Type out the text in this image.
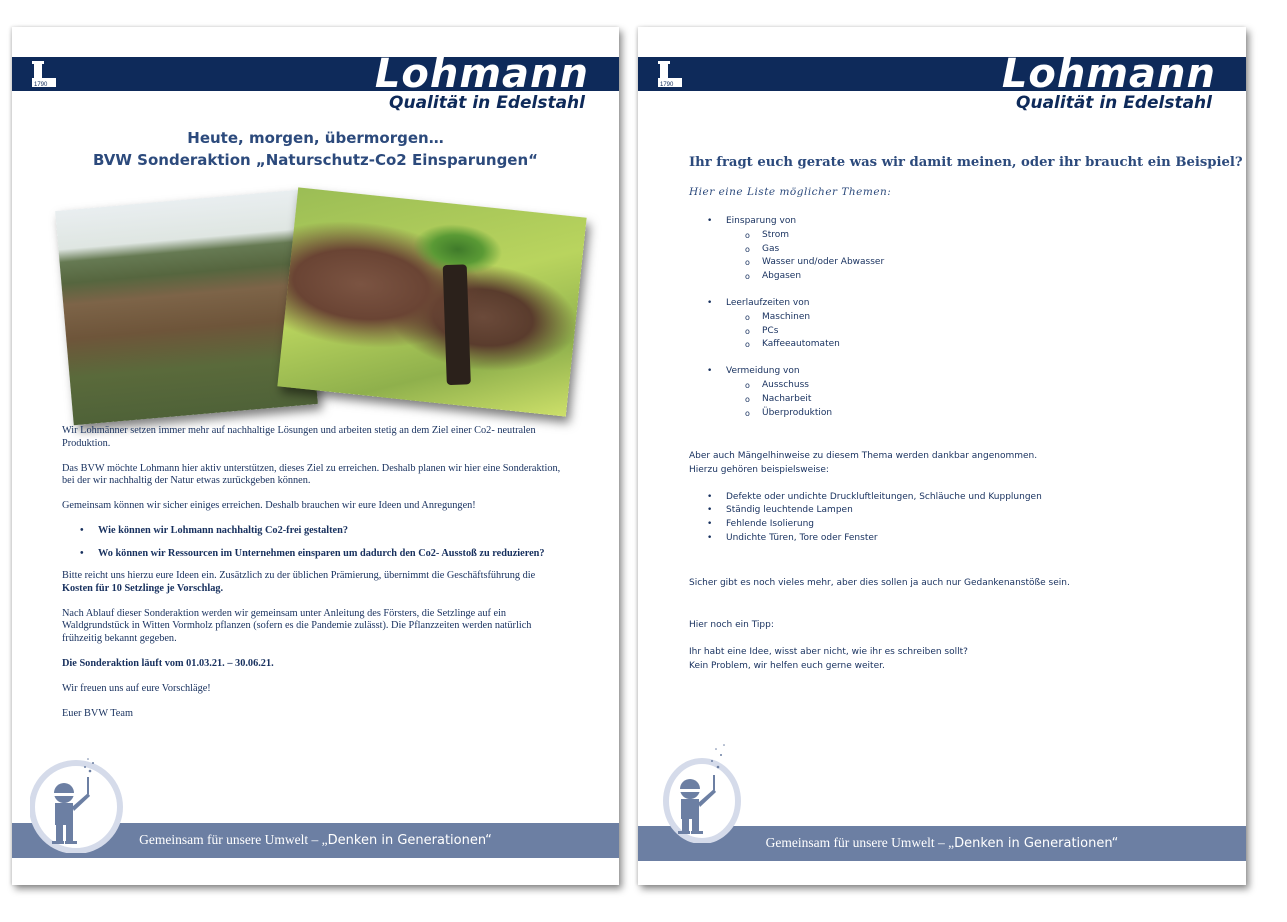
1790	Lohmann
Qualität in Edelstahl
Heute, morgen, übermorgen…
BVW Sonderaktion „Naturschutz-Co2 Einsparungen“

Wir Lohmänner setzen immer mehr auf nachhaltige Lösungen und arbeiten stetig an dem Ziel einer Co2- neutralen Produktion.

Das BVW möchte Lohmann hier aktiv unterstützen, dieses Ziel zu erreichen. Deshalb planen wir hier eine Sonderaktion, bei der wir nachhaltig der Natur etwas zurückgeben können.

Gemeinsam können wir sicher einiges erreichen. Deshalb brauchen wir eure Ideen und Anregungen!

• Wie können wir Lohmann nachhaltig Co2-frei gestalten?
• Wo können wir Ressourcen im Unternehmen einsparen um dadurch den Co2- Ausstoß zu reduzieren?

Bitte reicht uns hierzu eure Ideen ein. Zusätzlich zu der üblichen Prämierung, übernimmt die Geschäftsführung die Kosten für 10 Setzlinge je Vorschlag.

Nach Ablauf dieser Sonderaktion werden wir gemeinsam unter Anleitung des Försters, die Setzlinge auf ein Waldgrundstück in Witten Vormholz pflanzen (sofern es die Pandemie zulässt). Die Pflanzzeiten werden natürlich frühzeitig bekannt gegeben.

Die Sonderaktion läuft vom 01.03.21. – 30.06.21.

Wir freuen uns auf eure Vorschläge!

Euer BVW Team

Gemeinsam für unsere Umwelt – „Denken in Generationen“
1790	Lohmann
Qualität in Edelstahl
Ihr fragt euch gerate was wir damit meinen, oder ihr braucht ein Beispiel?
Hier eine Liste möglicher Themen:
• Einsparung von
o Strom
o Gas
o Wasser und/oder Abwasser
o Abgasen
• Leerlaufzeiten von
o Maschinen
o PCs
o Kaffeeautomaten
• Vermeidung von
o Ausschuss
o Nacharbeit
o Überproduktion
Aber auch Mängelhinweise zu diesem Thema werden dankbar angenommen.
Hierzu gehören beispielsweise:
• Defekte oder undichte Druckluftleitungen, Schläuche und Kupplungen
• Ständig leuchtende Lampen
• Fehlende Isolierung
• Undichte Türen, Tore oder Fenster
Sicher gibt es noch vieles mehr, aber dies sollen ja auch nur Gedankenanstöße sein.
Hier noch ein Tipp:
Ihr habt eine Idee, wisst aber nicht, wie ihr es schreiben sollt?
Kein Problem, wir helfen euch gerne weiter.
Gemeinsam für unsere Umwelt – „Denken in Generationen“
